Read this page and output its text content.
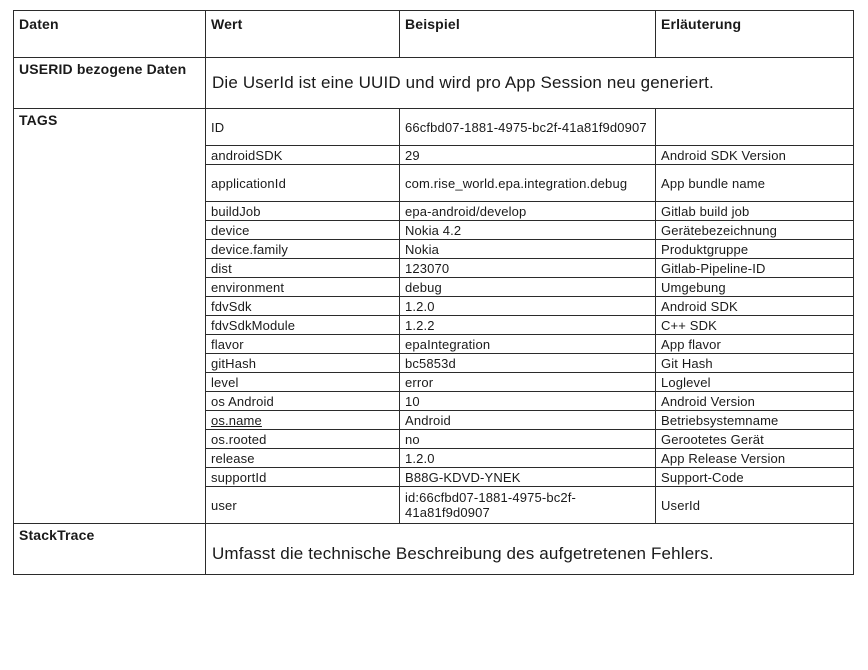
Daten	Wert	Beispiel	Erläuterung
USERID bezogene Daten	Die UserId ist eine UUID und wird pro App Session neu generiert.		
TAGS	ID	66cfbd07-1881-4975-bc2f-41a81f9d0907	
	androidSDK	29	Android SDK Version
	applicationId	com.rise_world.epa.integration.debug	App bundle name
	buildJob	epa-android/develop	Gitlab build job
	device	Nokia 4.2	Gerätebezeichnung
	device.family	Nokia	Produktgruppe
	dist	123070	Gitlab-Pipeline-ID
	environment	debug	Umgebung
	fdvSdk	1.2.0	Android SDK
	fdvSdkModule	1.2.2	C++ SDK
	flavor	epaIntegration	App flavor
	gitHash	bc5853d	Git Hash
	level	error	Loglevel
	os Android	10	Android Version
	os.name	Android	Betriebsystemname
	os.rooted	no	Gerootetes Gerät
	release	1.2.0	App Release Version
	supportId	B88G-KDVD-YNEK	Support-Code
	user	id:66cfbd07-1881-4975-bc2f-41a81f9d0907	UserId
StackTrace	Umfasst die technische Beschreibung des aufgetretenen Fehlers.		
